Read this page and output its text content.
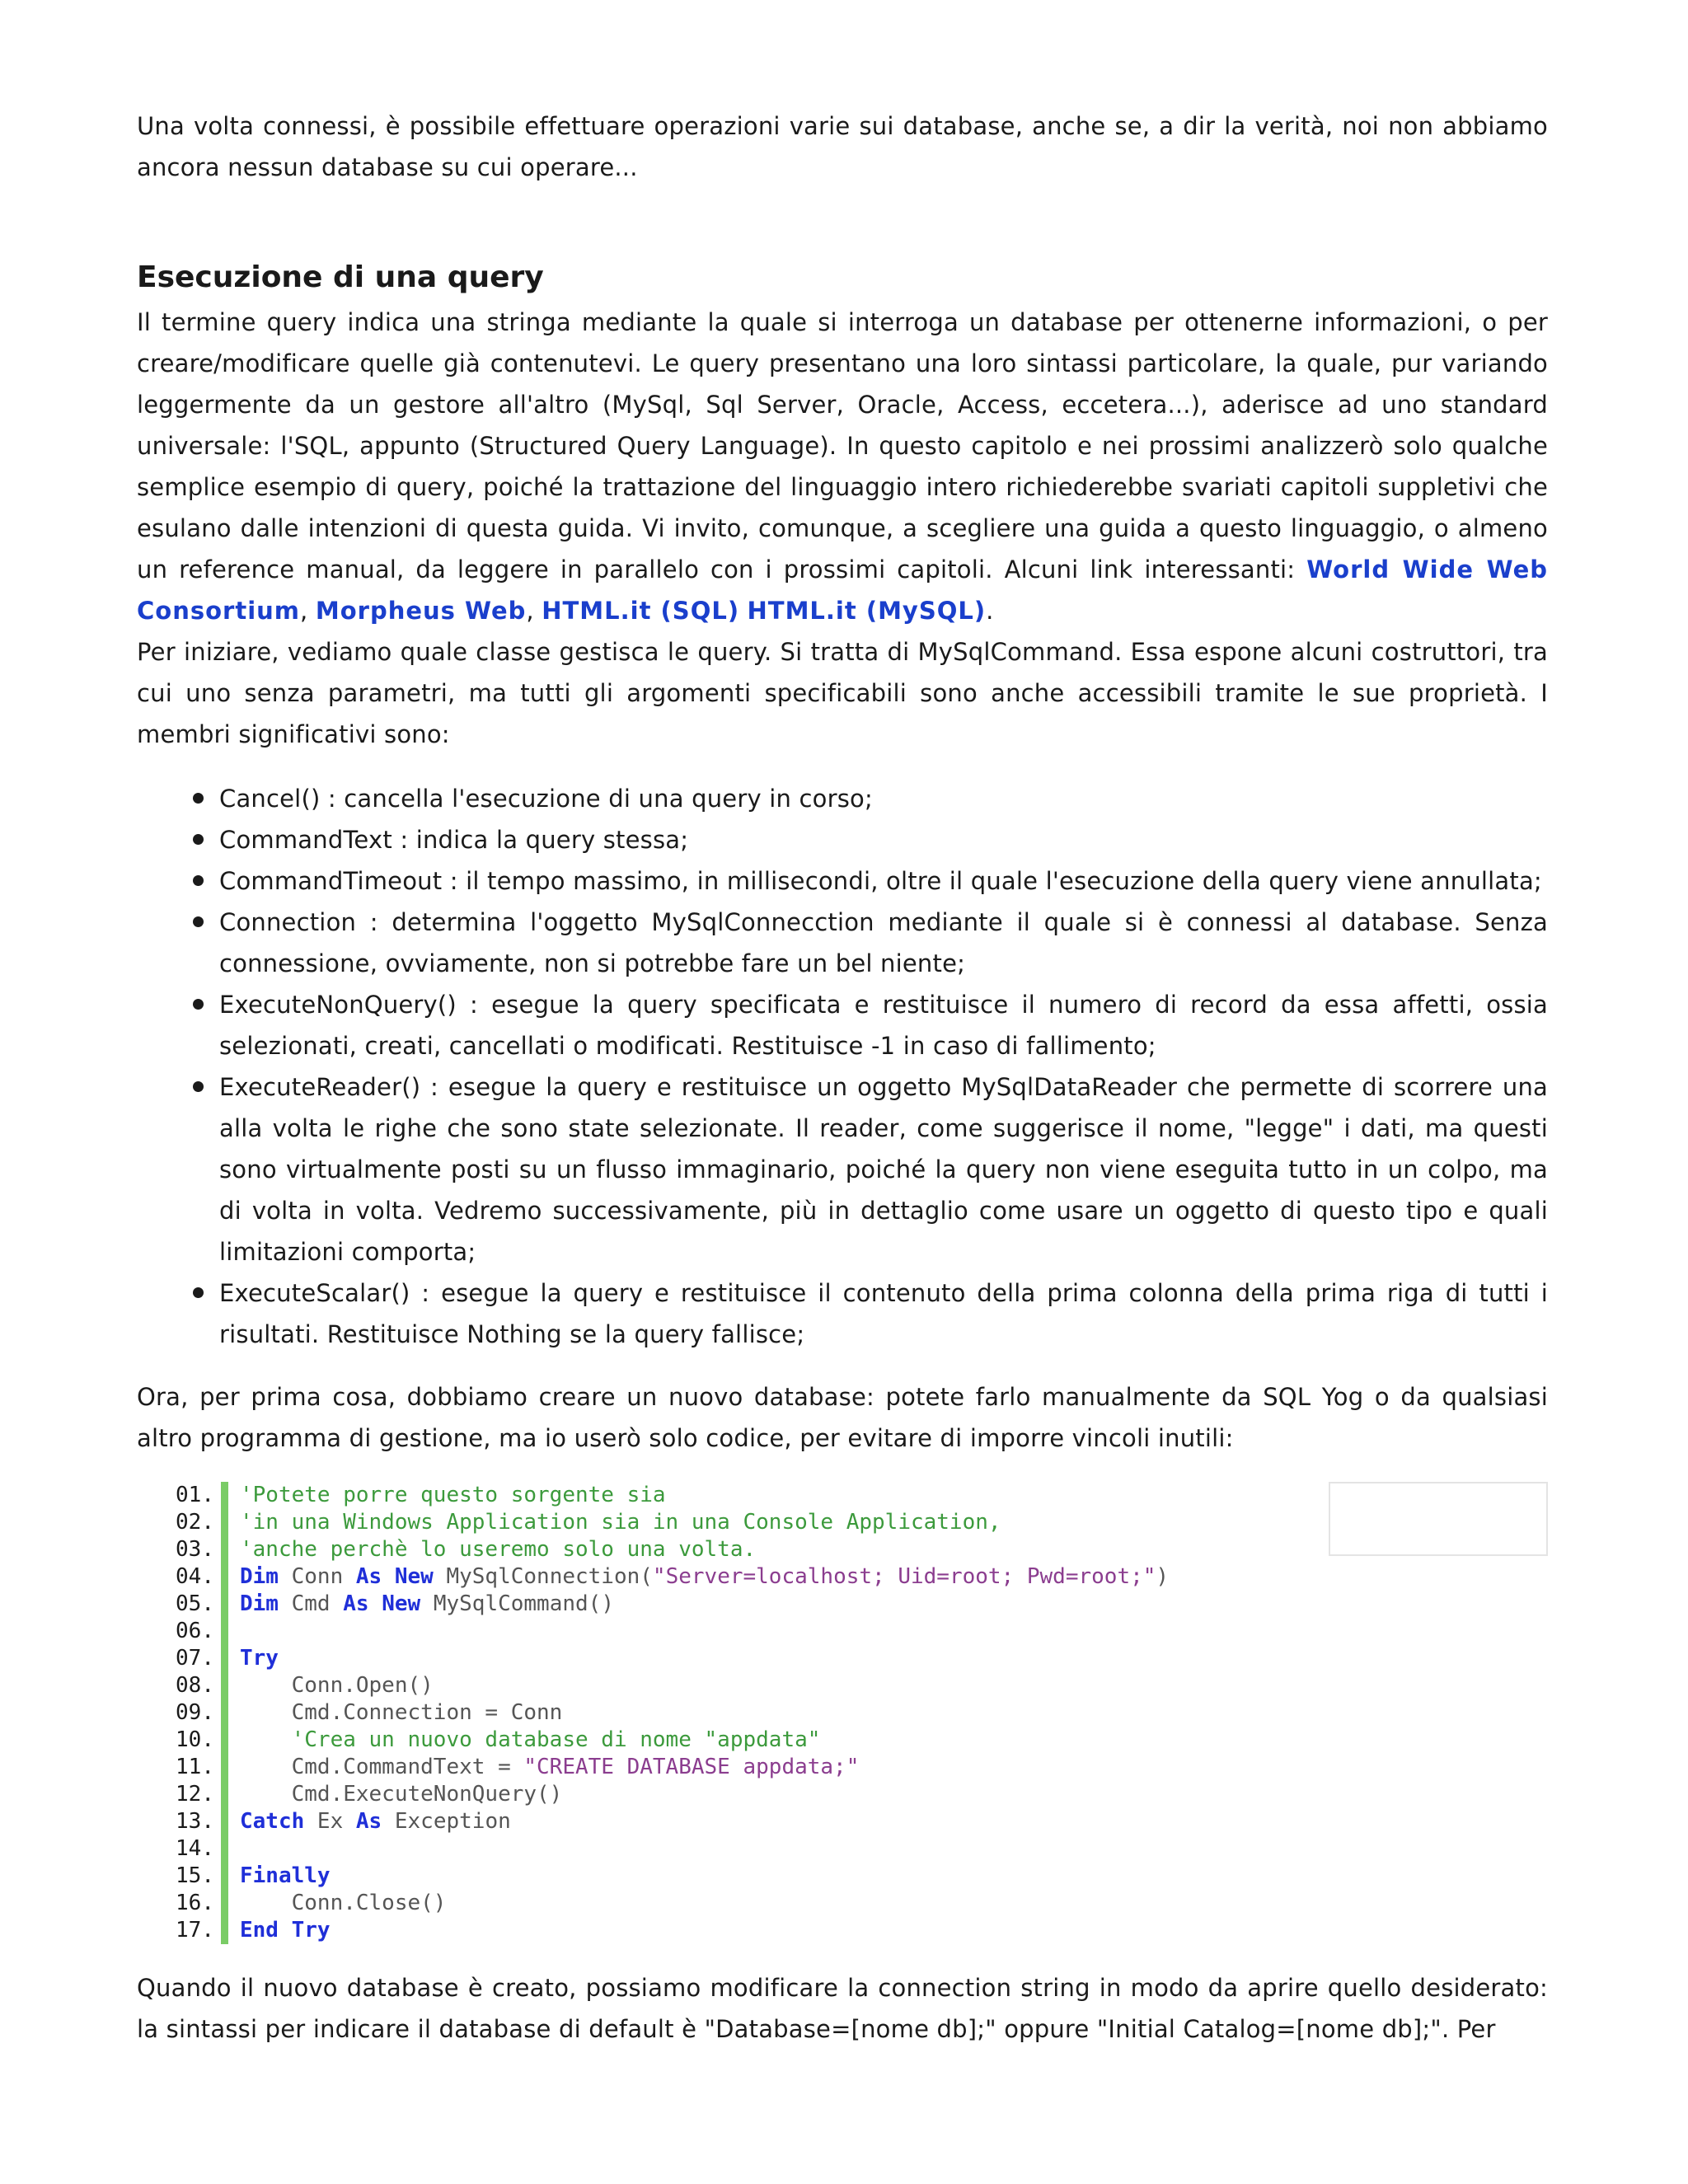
Una volta connessi, è possibile effettuare operazioni varie sui database, anche se, a dir la verità, noi non abbiamo ancora nessun database su cui operare...

Esecuzione di una query

Il termine query indica una stringa mediante la quale si interroga un database per ottenerne informazioni, o per creare/modificare quelle già contenutevi. Le query presentano una loro sintassi particolare, la quale, pur variando leggermente da un gestore all'altro (MySql, Sql Server, Oracle, Access, eccetera...), aderisce ad uno standard universale: l'SQL, appunto (Structured Query Language). In questo capitolo e nei prossimi analizzerò solo qualche semplice esempio di query, poiché la trattazione del linguaggio intero richiederebbe svariati capitoli suppletivi che esulano dalle intenzioni di questa guida. Vi invito, comunque, a scegliere una guida a questo linguaggio, o almeno un reference manual, da leggere in parallelo con i prossimi capitoli. Alcuni link interessanti: World Wide Web Consortium, Morpheus Web, HTML.it (SQL) HTML.it (MySQL).

Per iniziare, vediamo quale classe gestisca le query. Si tratta di MySqlCommand. Essa espone alcuni costruttori, tra cui uno senza parametri, ma tutti gli argomenti specificabili sono anche accessibili tramite le sue proprietà. I membri significativi sono:

Cancel() : cancella l'esecuzione di una query in corso;
CommandText : indica la query stessa;
CommandTimeout : il tempo massimo, in millisecondi, oltre il quale l'esecuzione della query viene annullata;
Connection : determina l'oggetto MySqlConnecction mediante il quale si è connessi al database. Senza connessione, ovviamente, non si potrebbe fare un bel niente;
ExecuteNonQuery() : esegue la query specificata e restituisce il numero di record da essa affetti, ossia selezionati, creati, cancellati o modificati. Restituisce -1 in caso di fallimento;
ExecuteReader() : esegue la query e restituisce un oggetto MySqlDataReader che permette di scorrere una alla volta le righe che sono state selezionate. Il reader, come suggerisce il nome, "legge" i dati, ma questi sono virtualmente posti su un flusso immaginario, poiché la query non viene eseguita tutto in un colpo, ma di volta in volta. Vedremo successivamente, più in dettaglio come usare un oggetto di questo tipo e quali limitazioni comporta;
ExecuteScalar() : esegue la query e restituisce il contenuto della prima colonna della prima riga di tutti i risultati. Restituisce Nothing se la query fallisce;

Ora, per prima cosa, dobbiamo creare un nuovo database: potete farlo manualmente da SQL Yog o da qualsiasi altro programma di gestione, ma io userò solo codice, per evitare di imporre vincoli inutili:

01.	'Potete porre questo sorgente sia
02.	'in una Windows Application sia in una Console Application,
03.	'anche perchè lo useremo solo una volta.
04.	Dim Conn As New MySqlConnection("Server=localhost; Uid=root; Pwd=root;")
05.	Dim Cmd As New MySqlCommand()
06.
07.	Try
08.	Conn.Open()
09.	Cmd.Connection = Conn
10.	'Crea un nuovo database di nome "appdata"
11.	Cmd.CommandText = "CREATE DATABASE appdata;"
12.	Cmd.ExecuteNonQuery()
13.	Catch Ex As Exception
14.
15.	Finally
16.	Conn.Close()
17.	End Try

Quando il nuovo database è creato, possiamo modificare la connection string in modo da aprire quello desiderato: la sintassi per indicare il database di default è "Database=[nome db];" oppure "Initial Catalog=[nome db];". Per
